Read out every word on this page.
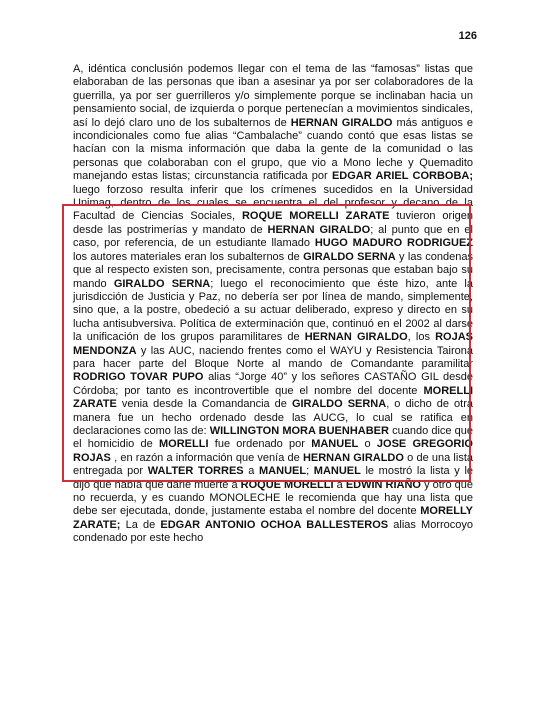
126

A, idéntica conclusión podemos llegar con el tema de las “famosas” listas que elaboraban de las personas que iban a asesinar ya por ser colaboradores de la guerrilla, ya por ser guerrilleros y/o simplemente porque se inclinaban hacia un pensamiento social, de izquierda o porque pertenecían a movimientos sindicales, así lo dejó claro uno de los subalternos de HERNAN GIRALDO más antiguos e incondicionales como fue alias “Cambalache” cuando contó que esas listas se hacían con la misma información que daba la gente de la comunidad o las personas que colaboraban con el grupo, que vio a Mono leche y Quemadito manejando estas listas; circunstancia ratificada por EDGAR ARIEL CORBOBA; luego forzoso resulta inferir que los crímenes sucedidos en la Universidad Unimag, dentro de los cuales se encuentra el del profesor y decano de la Facultad de Ciencias Sociales, ROQUE MORELLI ZARATE tuvieron origen desde las postrimerías y mandato de HERNAN GIRALDO; al punto que en el caso, por referencia, de un estudiante llamado HUGO MADURO RODRIGUEZ los autores materiales eran los subalternos de GIRALDO SERNA y las condenas que al respecto existen son, precisamente, contra personas que estaban bajo su mando GIRALDO SERNA; luego el reconocimiento que éste hizo, ante la jurisdicción de Justicia y Paz, no debería ser por línea de mando, simplemente, sino que, a la postre, obedeció a su actuar deliberado, expreso y directo en su lucha antisubversiva. Política de exterminación que, continuó en el 2002 al darse la unificación de los grupos paramilitares de HERNAN GIRALDO, los ROJAS MENDONZA y las AUC, naciendo frentes como el WAYU y Resistencia Tairona para hacer parte del Bloque Norte al mando de Comandante paramilitar RODRIGO TOVAR PUPO alias “Jorge 40” y los señores CASTAÑO GIL desde Córdoba; por tanto es incontrovertible que el nombre del docente MORELLI ZARATE venia desde la Comandancia de GIRALDO SERNA, o dicho de otra manera fue un hecho ordenado desde las AUCG, lo cual se ratifica en declaraciones como las de: WILLINGTON MORA BUENHABER cuando dice que el homicidio de MORELLI fue ordenado por MANUEL o JOSE GREGORIO ROJAS , en razón a información que venía de HERNAN GIRALDO o de una lista entregada por WALTER TORRES a MANUEL; MANUEL le mostró la lista y le dijo que había que darle muerte a ROQUE MORELLI a EDWIN RIAÑO y otro que no recuerda, y es cuando MONOLECHE le recomienda que hay una lista que debe ser ejecutada, donde, justamente estaba el nombre del docente MORELLY ZARATE; La de EDGAR ANTONIO OCHOA BALLESTEROS alias Morrocoyo condenado por este hecho
